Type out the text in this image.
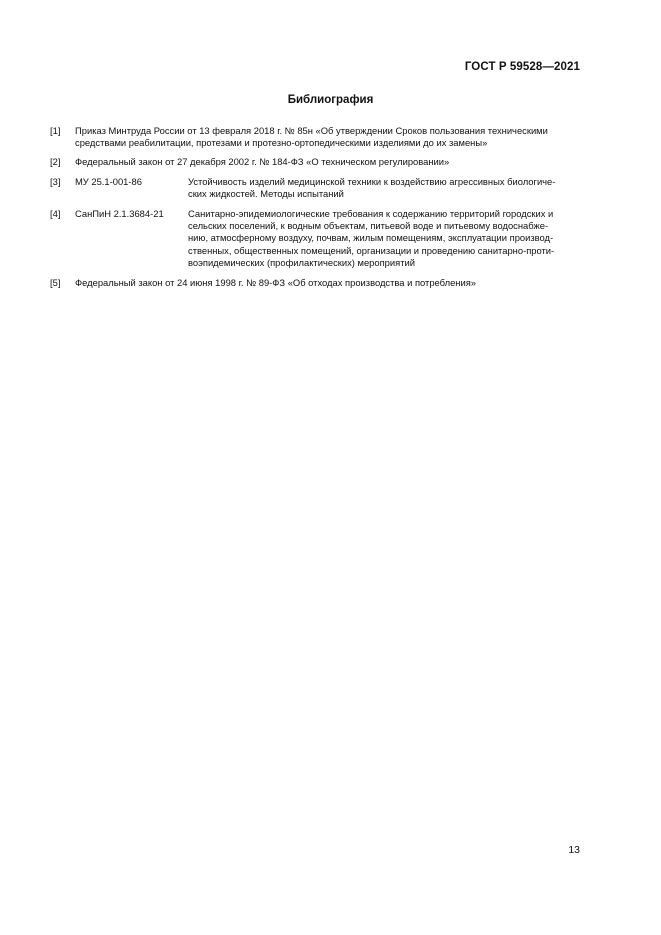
ГОСТ Р 59528—2021
Библиография
[1] Приказ Минтруда России от 13 февраля 2018 г. № 85н «Об утверждении Сроков пользования техническими
средствами реабилитации, протезами и протезно-ортопедическими изделиями до их замены»
[2] Федеральный закон от 27 декабря 2002 г. № 184-ФЗ «О техническом регулировании»
[3] МУ 25.1-001-86	Устойчивость изделий медицинской техники к воздействию агрессивных биологиче-
ских жидкостей. Методы испытаний
[4] СанПиН 2.1.3684-21	Санитарно-эпидемиологические требования к содержанию территорий городских и
сельских поселений, к водным объектам, питьевой воде и питьевому водоснабже-
нию, атмосферному воздуху, почвам, жилым помещениям, эксплуатации производ-
ственных, общественных помещений, организации и проведению санитарно-проти-
воэпидемических (профилактических) мероприятий
[5] Федеральный закон от 24 июня 1998 г. № 89-ФЗ «Об отходах производства и потребления»
13
